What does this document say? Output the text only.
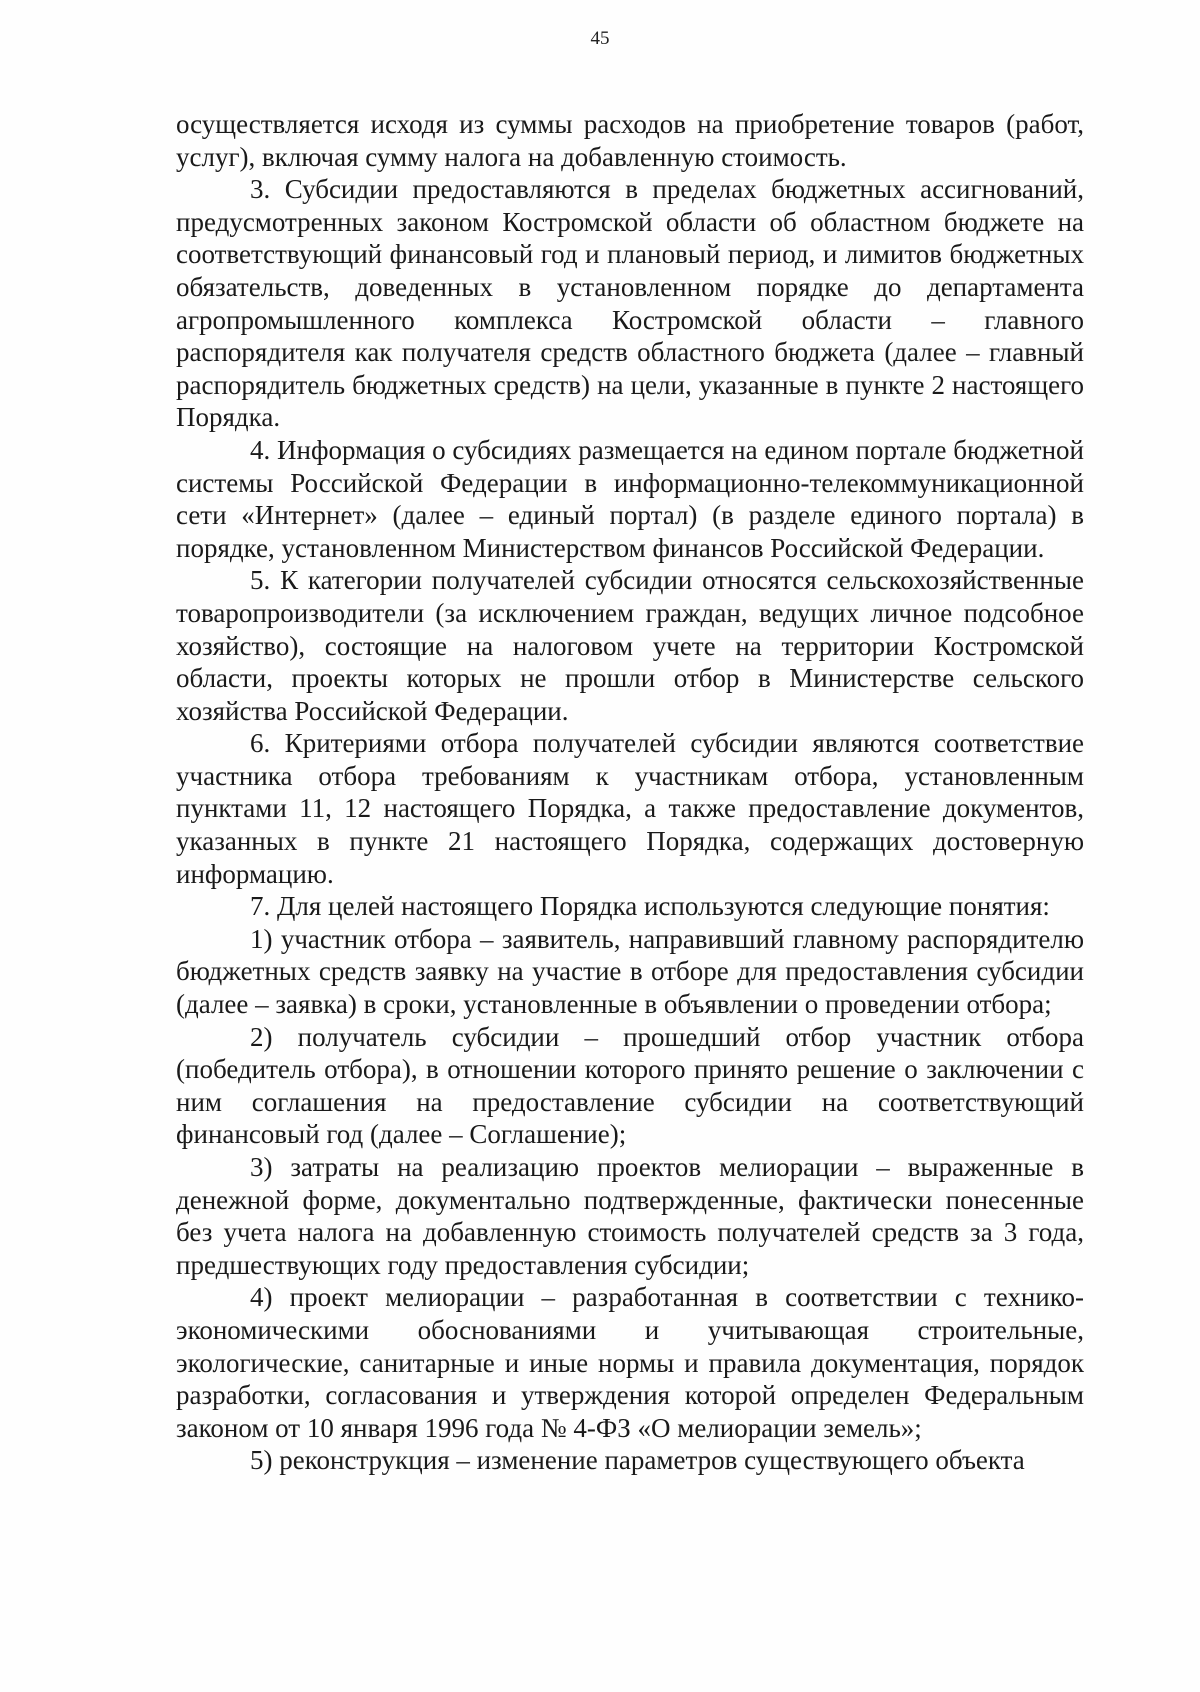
45

осуществляется исходя из суммы расходов на приобретение товаров (работ, услуг), включая сумму налога на добавленную стоимость.

3. Субсидии предоставляются в пределах бюджетных ассигнований, предусмотренных законом Костромской области об областном бюджете на соответствующий финансовый год и плановый период, и лимитов бюджетных обязательств, доведенных в установленном порядке до департамента агропромышленного комплекса Костромской области – главного распорядителя как получателя средств областного бюджета (далее – главный распорядитель бюджетных средств) на цели, указанные в пункте 2 настоящего Порядка.

4. Информация о субсидиях размещается на едином портале бюджетной системы Российской Федерации в информационно-телекоммуникационной сети «Интернет» (далее – единый портал) (в разделе единого портала) в порядке, установленном Министерством финансов Российской Федерации.

5. К категории получателей субсидии относятся сельскохозяйственные товаропроизводители (за исключением граждан, ведущих личное подсобное хозяйство), состоящие на налоговом учете на территории Костромской области, проекты которых не прошли отбор в Министерстве сельского хозяйства Российской Федерации.

6. Критериями отбора получателей субсидии являются соответствие участника отбора требованиям к участникам отбора, установленным пунктами 11, 12 настоящего Порядка, а также предоставление документов, указанных в пункте 21 настоящего Порядка, содержащих достоверную информацию.

7. Для целей настоящего Порядка используются следующие понятия:

1) участник отбора – заявитель, направивший главному распорядителю бюджетных средств заявку на участие в отборе для предоставления субсидии (далее – заявка) в сроки, установленные в объявлении о проведении отбора;

2) получатель субсидии – прошедший отбор участник отбора (победитель отбора), в отношении которого принято решение о заключении с ним соглашения на предоставление субсидии на соответствующий финансовый год (далее – Соглашение);

3) затраты на реализацию проектов мелиорации – выраженные в денежной форме, документально подтвержденные, фактически понесенные без учета налога на добавленную стоимость получателей средств за 3 года, предшествующих году предоставления субсидии;

4) проект мелиорации – разработанная в соответствии с технико-экономическими обоснованиями и учитывающая строительные, экологические, санитарные и иные нормы и правила документация, порядок разработки, согласования и утверждения которой определен Федеральным законом от 10 января 1996 года № 4-ФЗ «О мелиорации земель»;

5) реконструкция – изменение параметров существующего объекта
